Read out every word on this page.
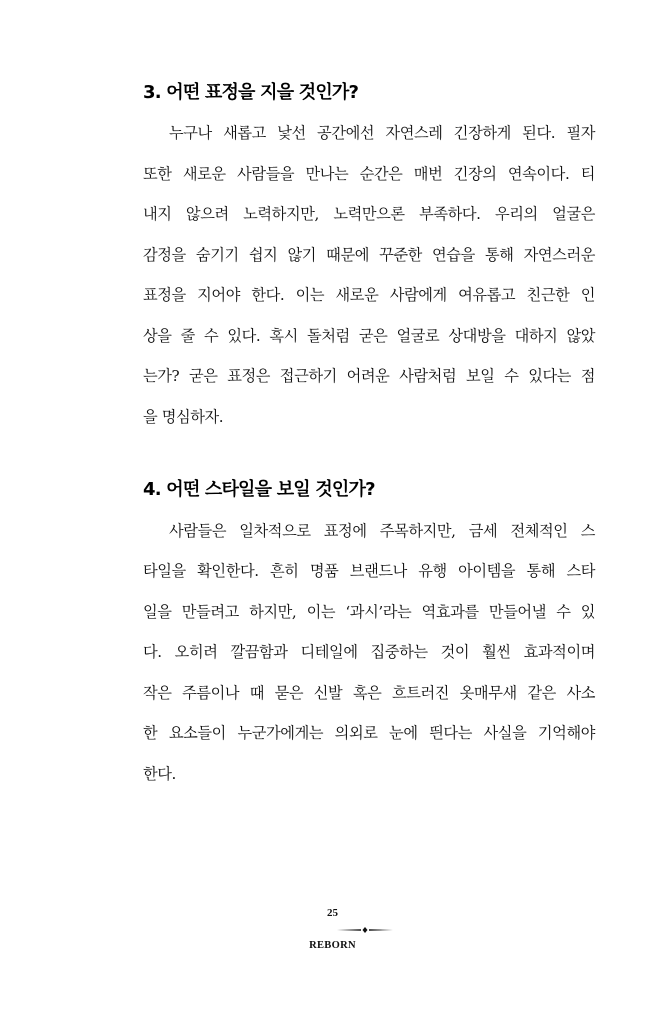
3. 어떤 표정을 지을 것인가?
누구나 새롭고 낯선 공간에선 자연스레 긴장하게 된다. 필자
또한 새로운 사람들을 만나는 순간은 매번 긴장의 연속이다. 티
내지 않으려 노력하지만, 노력만으론 부족하다. 우리의 얼굴은
감정을 숨기기 쉽지 않기 때문에 꾸준한 연습을 통해 자연스러운
표정을 지어야 한다. 이는 새로운 사람에게 여유롭고 친근한 인
상을 줄 수 있다. 혹시 돌처럼 굳은 얼굴로 상대방을 대하지 않았
는가? 굳은 표정은 접근하기 어려운 사람처럼 보일 수 있다는 점
을 명심하자.
4. 어떤 스타일을 보일 것인가?
사람들은 일차적으로 표정에 주목하지만, 금세 전체적인 스
타일을 확인한다. 흔히 명품 브랜드나 유행 아이템을 통해 스타
일을 만들려고 하지만, 이는 ‘과시’라는 역효과를 만들어낼 수 있
다. 오히려 깔끔함과 디테일에 집중하는 것이 훨씬 효과적이며
작은 주름이나 때 묻은 신발 혹은 흐트러진 옷매무새 같은 사소
한 요소들이 누군가에게는 의외로 눈에 띈다는 사실을 기억해야
한다.
25
REBORN
